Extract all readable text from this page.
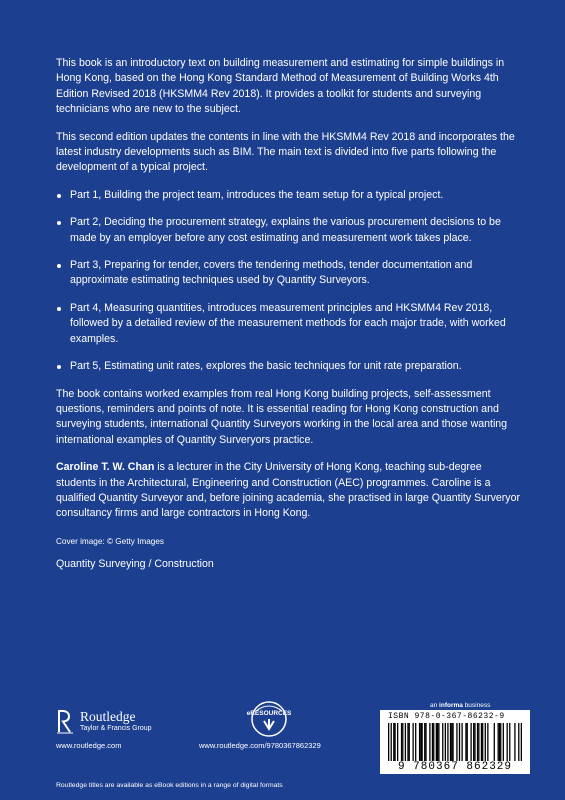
This book is an introductory text on building measurement and estimating for simple buildings in Hong Kong, based on the Hong Kong Standard Method of Measurement of Building Works 4th Edition Revised 2018 (HKSMM4 Rev 2018). It provides a toolkit for students and surveying technicians who are new to the subject.

This second edition updates the contents in line with the HKSMM4 Rev 2018 and incorporates the latest industry developments such as BIM. The main text is divided into five parts following the development of a typical project.

Part 1, Building the project team, introduces the team setup for a typical project.
Part 2, Deciding the procurement strategy, explains the various procurement decisions to be made by an employer before any cost estimating and measurement work takes place.
Part 3, Preparing for tender, covers the tendering methods, tender documentation and approximate estimating techniques used by Quantity Surveyors.
Part 4, Measuring quantities, introduces measurement principles and HKSMM4 Rev 2018, followed by a detailed review of the measurement methods for each major trade, with worked examples.
Part 5, Estimating unit rates, explores the basic techniques for unit rate preparation.

The book contains worked examples from real Hong Kong building projects, self-assessment questions, reminders and points of note. It is essential reading for Hong Kong construction and surveying students, international Quantity Surveyors working in the local area and those wanting international examples of Quantity Surveryors practice.

Caroline T. W. Chan is a lecturer in the City University of Hong Kong, teaching sub-degree students in the Architectural, Engineering and Construction (AEC) programmes. Caroline is a qualified Quantity Surveyor and, before joining academia, she practised in large Quantity Surveryor consultancy firms and large contractors in Hong Kong.

Cover image: © Getty Images
Quantity Surveying / Construction
an informa business
Routledge
Taylor & Francis Group
www.routledge.com
eRESOURCES
www.routledge.com/9780367862329
ISBN 978-0-367-86232-9
9 780367 862329
Routledge titles are available as eBook editions in a range of digital formats
